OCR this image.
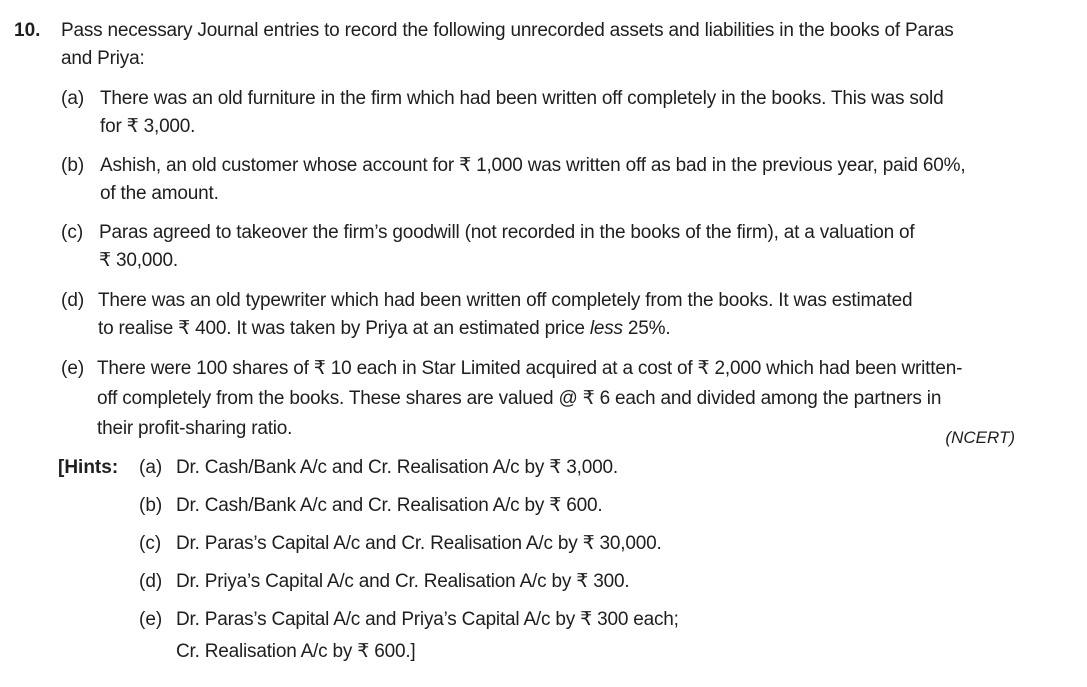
10. Pass necessary Journal entries to record the following unrecorded assets and liabilities in the books of Paras
and Priya:
(a) There was an old furniture in the firm which had been written off completely in the books. This was sold
for ₹ 3,000.
(b) Ashish, an old customer whose account for ₹ 1,000 was written off as bad in the previous year, paid 60%,
of the amount.
(c) Paras agreed to takeover the firm’s goodwill (not recorded in the books of the firm), at a valuation of
₹ 30,000.
(d) There was an old typewriter which had been written off completely from the books. It was estimated
to realise ₹ 400. It was taken by Priya at an estimated price less 25%.
(e) There were 100 shares of ₹ 10 each in Star Limited acquired at a cost of ₹ 2,000 which had been written-
off completely from the books. These shares are valued @ ₹ 6 each and divided among the partners in
their profit-sharing ratio.	(NCERT)
[Hints: (a) Dr. Cash/Bank A/c and Cr. Realisation A/c by ₹ 3,000.
(b) Dr. Cash/Bank A/c and Cr. Realisation A/c by ₹ 600.
(c) Dr. Paras’s Capital A/c and Cr. Realisation A/c by ₹ 30,000.
(d) Dr. Priya’s Capital A/c and Cr. Realisation A/c by ₹ 300.
(e) Dr. Paras’s Capital A/c and Priya’s Capital A/c by ₹ 300 each;
Cr. Realisation A/c by ₹ 600.]
